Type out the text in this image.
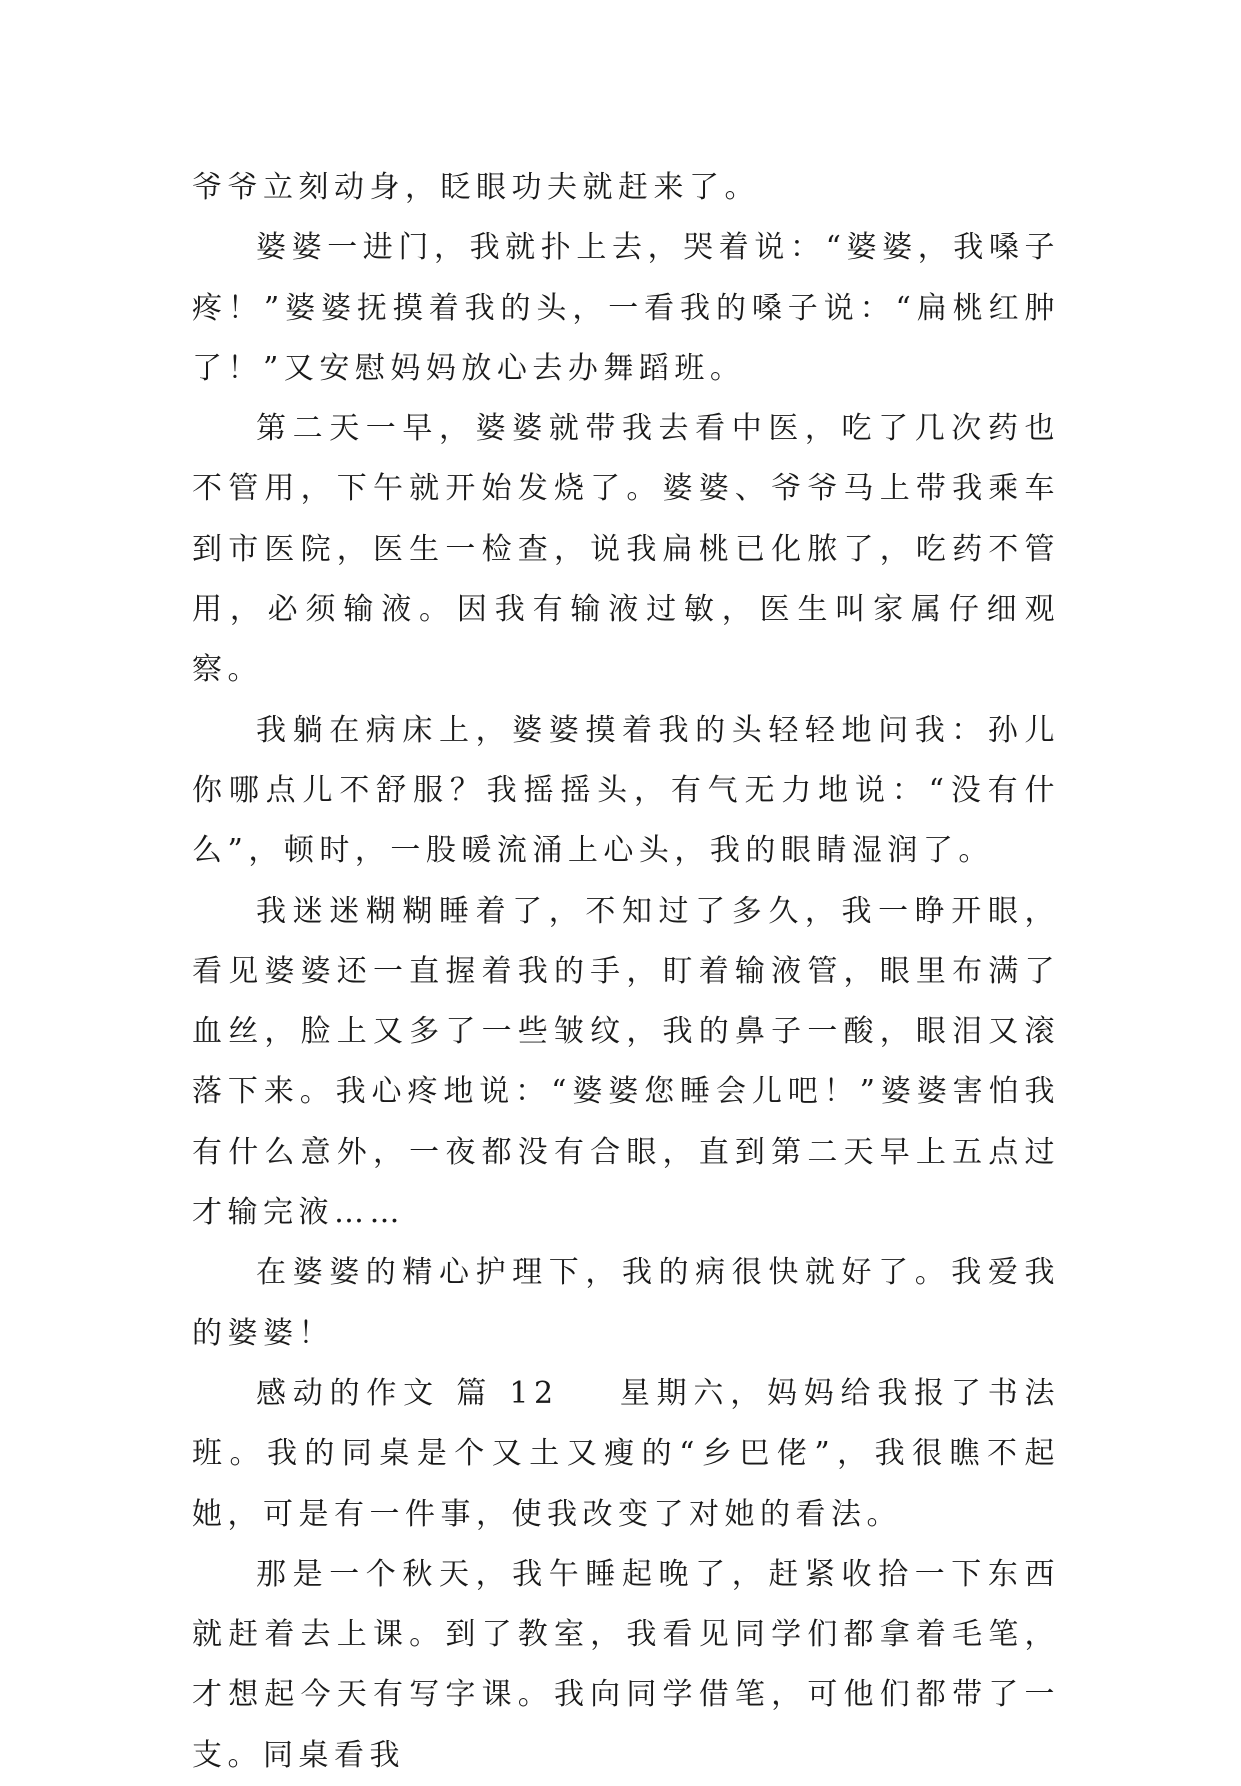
爷爷立刻动身，眨眼功夫就赶来了。

婆婆一进门，我就扑上去，哭着说：“婆婆，我嗓子疼！”婆婆抚摸着我的头，一看我的嗓子说：“扁桃红肿了！”又安慰妈妈放心去办舞蹈班。

第二天一早，婆婆就带我去看中医，吃了几次药也不管用，下午就开始发烧了。婆婆、爷爷马上带我乘车到市医院，医生一检查，说我扁桃已化脓了，吃药不管用，必须输液。因我有输液过敏，医生叫家属仔细观察。

我躺在病床上，婆婆摸着我的头轻轻地问我：孙儿你哪点儿不舒服？我摇摇头，有气无力地说：“没有什么”，顿时，一股暖流涌上心头，我的眼睛湿润了。

我迷迷糊糊睡着了，不知过了多久，我一睁开眼，看见婆婆还一直握着我的手，盯着输液管，眼里布满了血丝，脸上又多了一些皱纹，我的鼻子一酸，眼泪又滚落下来。我心疼地说：“婆婆您睡会儿吧！”婆婆害怕我有什么意外，一夜都没有合眼，直到第二天早上五点过才输完液……

在婆婆的精心护理下，我的病很快就好了。我爱我的婆婆！

感动的作文 篇 12 星期六，妈妈给我报了书法班。我的同桌是个又土又瘦的“乡巴佬”，我很瞧不起她，可是有一件事，使我改变了对她的看法。

那是一个秋天，我午睡起晚了，赶紧收拾一下东西就赶着去上课。到了教室，我看见同学们都拿着毛笔，才想起今天有写字课。我向同学借笔，可他们都带了一支。同桌看我
